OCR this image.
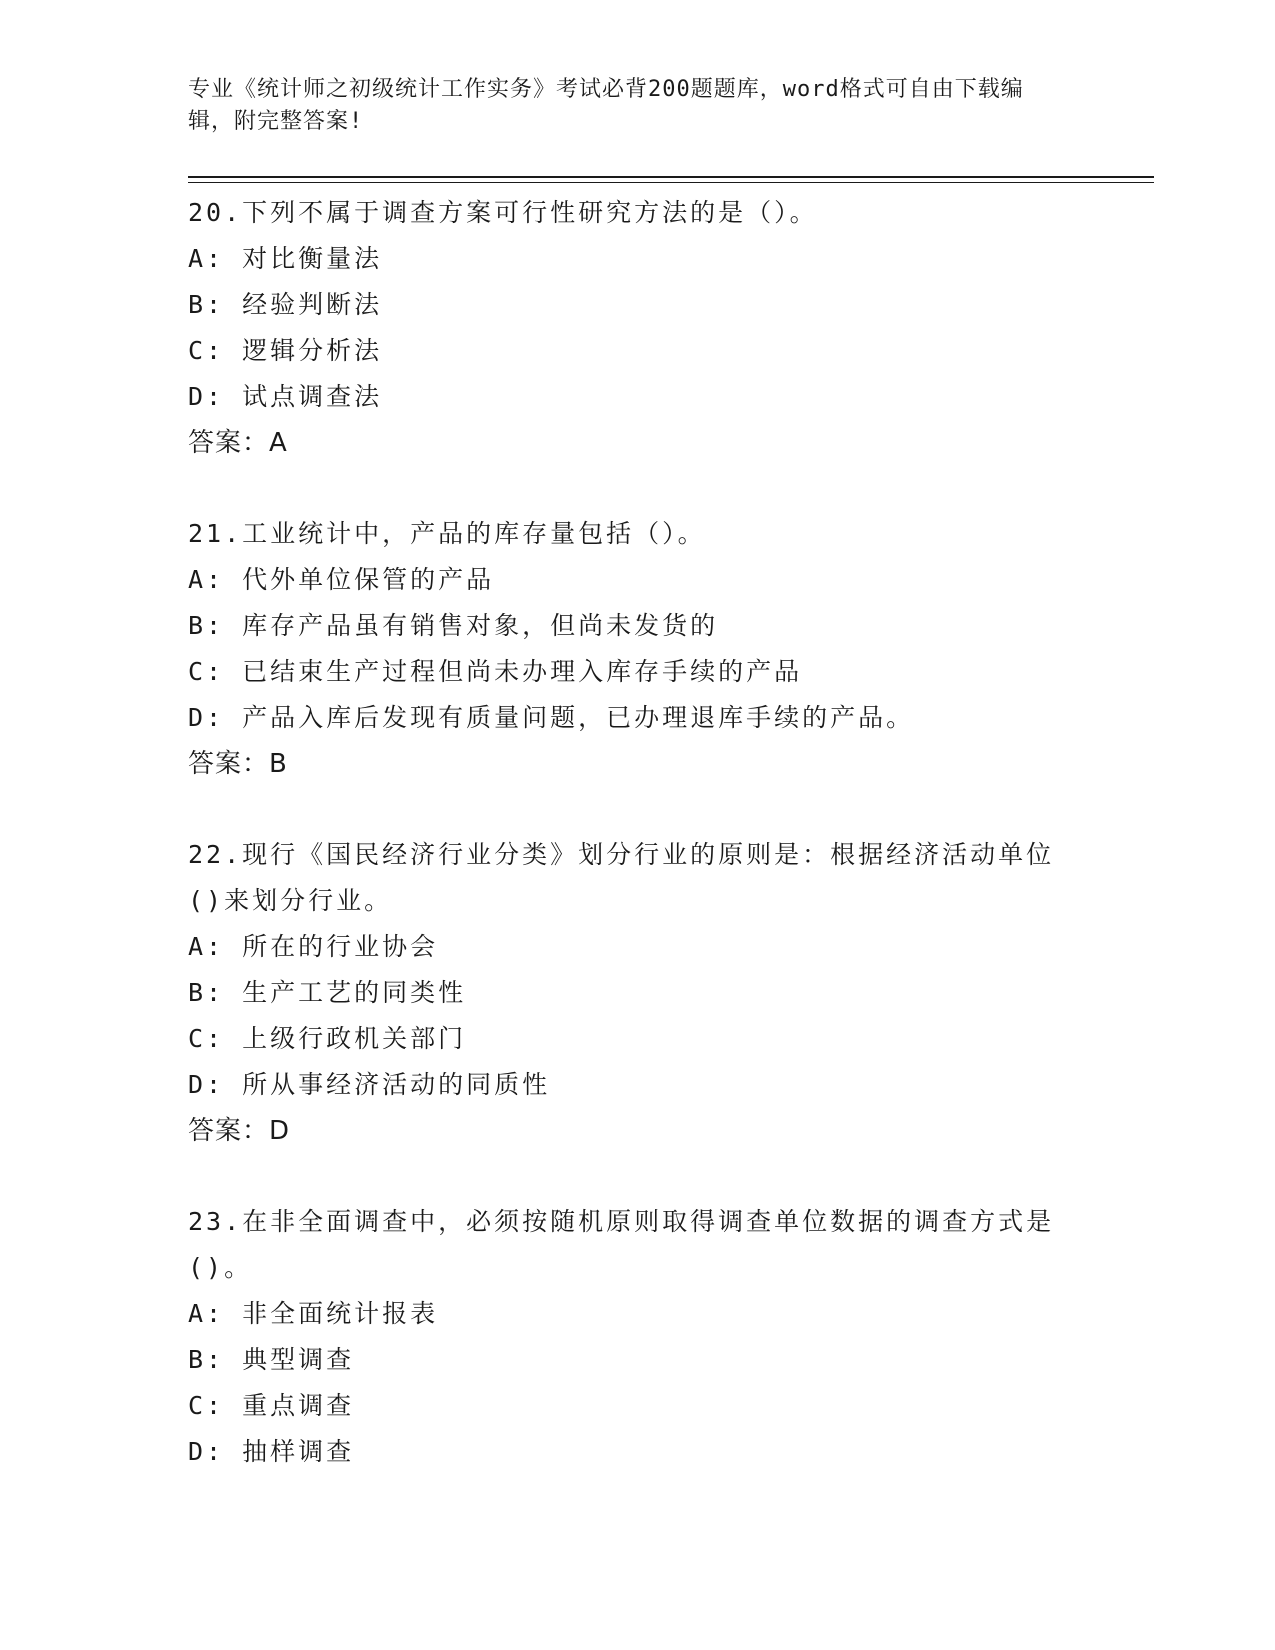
专业《统计师之初级统计工作实务》考试必背200题题库，word格式可自由下载编辑，附完整答案!
20.下列不属于调查方案可行性研究方法的是（）。
A: 对比衡量法
B: 经验判断法
C: 逻辑分析法
D: 试点调查法
答案：A
21.工业统计中，产品的库存量包括（）。
A: 代外单位保管的产品
B: 库存产品虽有销售对象，但尚未发货的
C: 已结束生产过程但尚未办理入库存手续的产品
D: 产品入库后发现有质量问题，已办理退库手续的产品。
答案：B
22.现行《国民经济行业分类》划分行业的原则是：根据经济活动单位()来划分行业。
A: 所在的行业协会
B: 生产工艺的同类性
C: 上级行政机关部门
D: 所从事经济活动的同质性
答案：D
23.在非全面调查中，必须按随机原则取得调查单位数据的调查方式是()。
A: 非全面统计报表
B: 典型调查
C: 重点调查
D: 抽样调查
